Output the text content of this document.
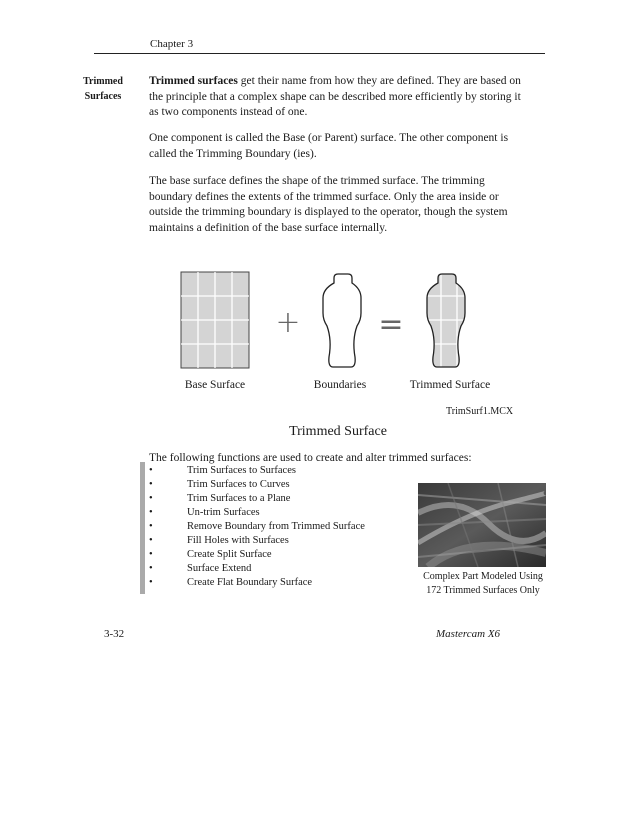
Chapter 3
Trimmed
Surfaces
Trimmed surfaces get their name from how they are defined. They are based on the principle that a complex shape can be described more efficiently by storing it as two components instead of one.
One component is called the Base (or Parent) surface. The other component is called the Trimming Boundary (ies).
The base surface defines the shape of the trimmed surface. The trimming boundary defines the extents of the trimmed surface. Only the area inside or outside the trimming boundary is displayed to the operator, though the system maintains a definition of the base surface internally.
+	=
Base Surface	Boundaries	Trimmed Surface
TrimSurf1.MCX
Trimmed Surface
The following functions are used to create and alter trimmed surfaces:
•	Trim Surfaces to Surfaces
•	Trim Surfaces to Curves
•	Trim Surfaces to a Plane
•	Un-trim Surfaces
•	Remove Boundary from Trimmed Surface
•	Fill Holes with Surfaces
•	Create Split Surface
•	Surface Extend
•	Create Flat Boundary Surface
Complex Part Modeled Using
172 Trimmed Surfaces Only
3-32	Mastercam X6
